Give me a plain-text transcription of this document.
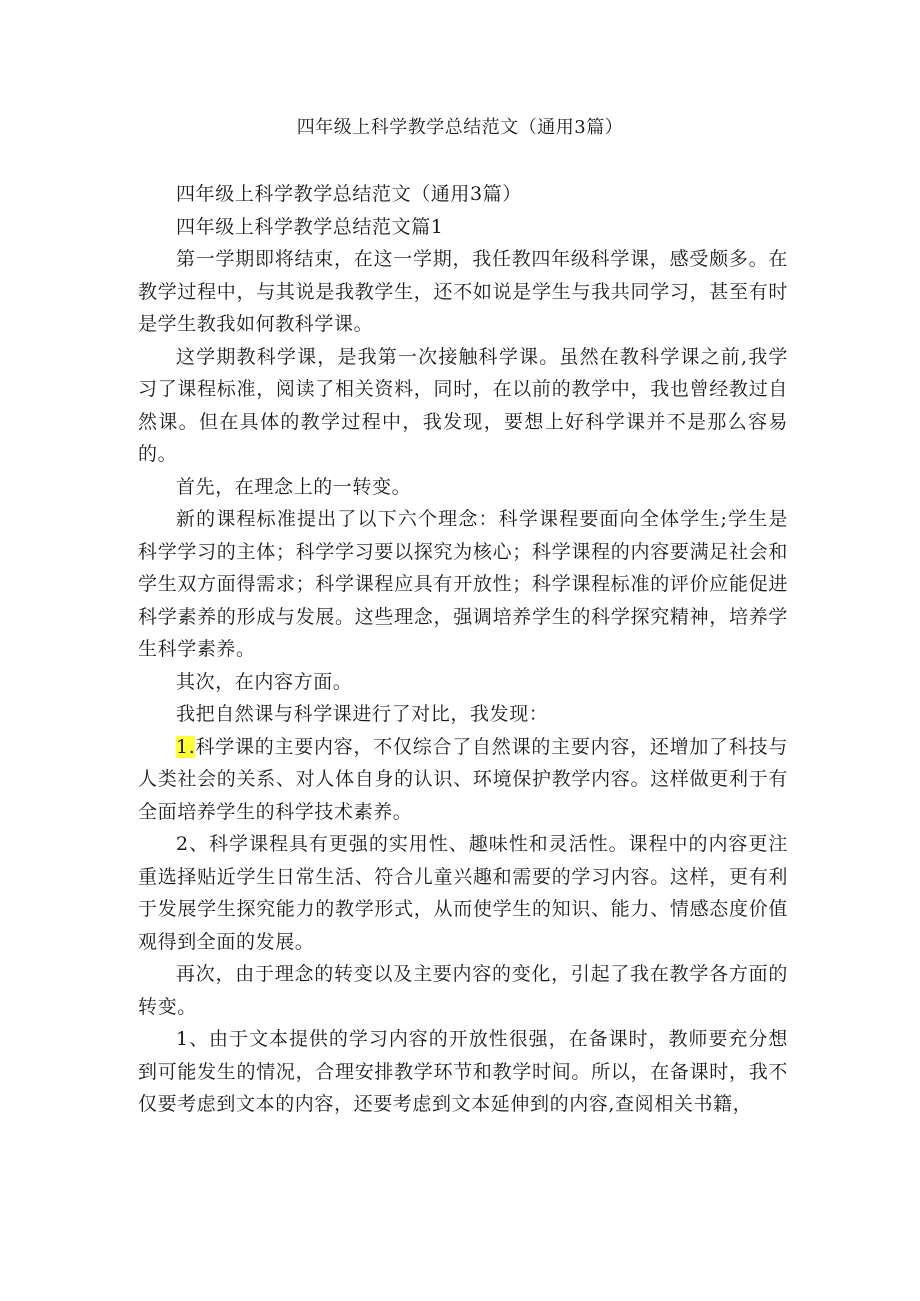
四年级上科学教学总结范文（通用3篇）

四年级上科学教学总结范文（通用3篇）

四年级上科学教学总结范文篇1

第一学期即将结束，在这一学期，我任教四年级科学课，感受颇多。在教学过程中，与其说是我教学生，还不如说是学生与我共同学习，甚至有时是学生教我如何教科学课。

这学期教科学课，是我第一次接触科学课。虽然在教科学课之前,我学习了课程标准，阅读了相关资料，同时，在以前的教学中，我也曾经教过自然课。但在具体的教学过程中，我发现，要想上好科学课并不是那么容易的。

首先，在理念上的一转变。

新的课程标准提出了以下六个理念：科学课程要面向全体学生;学生是科学学习的主体；科学学习要以探究为核心；科学课程的内容要满足社会和学生双方面得需求；科学课程应具有开放性；科学课程标准的评价应能促进科学素养的形成与发展。这些理念，强调培养学生的科学探究精神，培养学生科学素养。

其次，在内容方面。

我把自然课与科学课进行了对比，我发现：

1.科学课的主要内容，不仅综合了自然课的主要内容，还增加了科技与人类社会的关系、对人体自身的认识、环境保护教学内容。这样做更利于有全面培养学生的科学技术素养。

2、科学课程具有更强的实用性、趣味性和灵活性。课程中的内容更注重选择贴近学生日常生活、符合儿童兴趣和需要的学习内容。这样，更有利于发展学生探究能力的教学形式，从而使学生的知识、能力、情感态度价值观得到全面的发展。

再次，由于理念的转变以及主要内容的变化，引起了我在教学各方面的转变。

1、由于文本提供的学习内容的开放性很强，在备课时，教师要充分想到可能发生的情况，合理安排教学环节和教学时间。所以，在备课时，我不仅要考虑到文本的内容，还要考虑到文本延伸到的内容,查阅相关书籍，
